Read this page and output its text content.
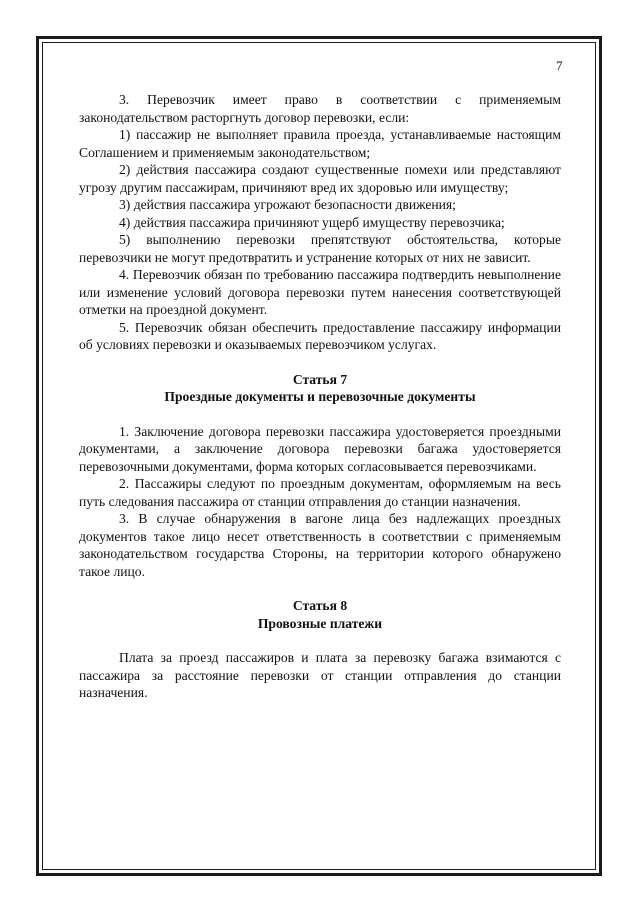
7

3. Перевозчик имеет право в соответствии с применяемым законодательством расторгнуть договор перевозки, если:

1) пассажир не выполняет правила проезда, устанавливаемые настоящим Соглашением и применяемым законодательством;

2) действия пассажира создают существенные помехи или представляют угрозу другим пассажирам, причиняют вред их здоровью или имуществу;

3) действия пассажира угрожают безопасности движения;

4) действия пассажира причиняют ущерб имуществу перевозчика;

5) выполнению перевозки препятствуют обстоятельства, которые перевозчики не могут предотвратить и устранение которых от них не зависит.

4. Перевозчик обязан по требованию пассажира подтвердить невыполнение или изменение условий договора перевозки путем нанесения соответствующей отметки на проездной документ.

5. Перевозчик обязан обеспечить предоставление пассажиру информации об условиях перевозки и оказываемых перевозчиком услугах.

Статья 7

Проездные документы и перевозочные документы

1. Заключение договора перевозки пассажира удостоверяется проездными документами, а заключение договора перевозки багажа удостоверяется перевозочными документами, форма которых согласовывается перевозчиками.

2. Пассажиры следуют по проездным документам, оформляемым на весь путь следования пассажира от станции отправления до станции назначения.

3. В случае обнаружения в вагоне лица без надлежащих проездных документов такое лицо несет ответственность в соответствии с применяемым законодательством государства Стороны, на территории которого обнаружено такое лицо.

Статья 8

Провозные платежи

Плата за проезд пассажиров и плата за перевозку багажа взимаются с пассажира за расстояние перевозки от станции отправления до станции назначения.
